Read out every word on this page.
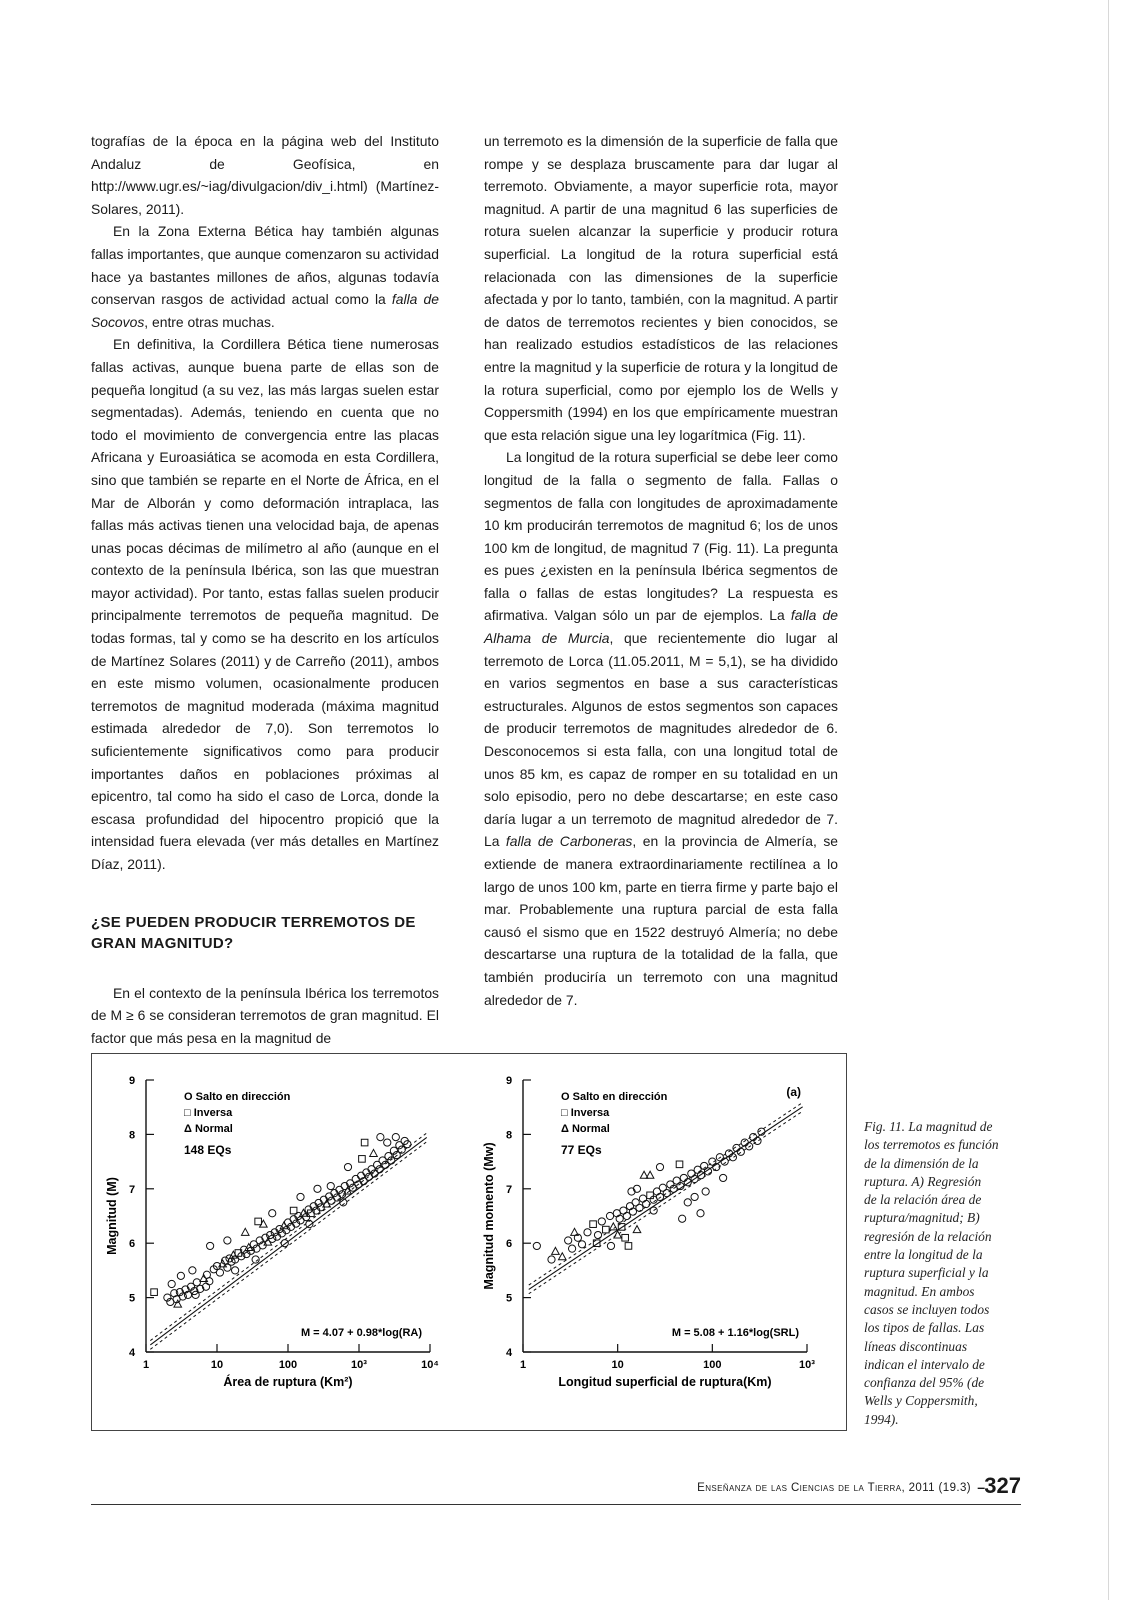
tografías de la época en la página web del Instituto Andaluz de Geofísica, en http://www.ugr.es/~iag/divulgacion/div_i.html) (Martínez-Solares, 2011).

En la Zona Externa Bética hay también algunas fallas importantes, que aunque comenzaron su actividad hace ya bastantes millones de años, algunas todavía conservan rasgos de actividad actual como la falla de Socovos, entre otras muchas.

En definitiva, la Cordillera Bética tiene numerosas fallas activas, aunque buena parte de ellas son de pequeña longitud (a su vez, las más largas suelen estar segmentadas). Además, teniendo en cuenta que no todo el movimiento de convergencia entre las placas Africana y Euroasiática se acomoda en esta Cordillera, sino que también se reparte en el Norte de África, en el Mar de Alborán y como deformación intraplaca, las fallas más activas tienen una velocidad baja, de apenas unas pocas décimas de milímetro al año (aunque en el contexto de la península Ibérica, son las que muestran mayor actividad). Por tanto, estas fallas suelen producir principalmente terremotos de pequeña magnitud. De todas formas, tal y como se ha descrito en los artículos de Martínez Solares (2011) y de Carreño (2011), ambos en este mismo volumen, ocasionalmente producen terremotos de magnitud moderada (máxima magnitud estimada alrededor de 7,0). Son terremotos lo suficientemente significativos como para producir importantes daños en poblaciones próximas al epicentro, tal como ha sido el caso de Lorca, donde la escasa profundidad del hipocentro propició que la intensidad fuera elevada (ver más detalles en Martínez Díaz, 2011).

¿SE PUEDEN PRODUCIR TERREMOTOS DE GRAN MAGNITUD?

En el contexto de la península Ibérica los terremotos de M ≥ 6 se consideran terremotos de gran magnitud. El factor que más pesa en la magnitud de

un terremoto es la dimensión de la superficie de falla que rompe y se desplaza bruscamente para dar lugar al terremoto. Obviamente, a mayor superficie rota, mayor magnitud. A partir de una magnitud 6 las superficies de rotura suelen alcanzar la superficie y producir rotura superficial. La longitud de la rotura superficial está relacionada con las dimensiones de la superficie afectada y por lo tanto, también, con la magnitud. A partir de datos de terremotos recientes y bien conocidos, se han realizado estudios estadísticos de las relaciones entre la magnitud y la superficie de rotura y la longitud de la rotura superficial, como por ejemplo los de Wells y Coppersmith (1994) en los que empíricamente muestran que esta relación sigue una ley logarítmica (Fig. 11).

La longitud de la rotura superficial se debe leer como longitud de la falla o segmento de falla. Fallas o segmentos de falla con longitudes de aproximadamente 10 km producirán terremotos de magnitud 6; los de unos 100 km de longitud, de magnitud 7 (Fig. 11). La pregunta es pues ¿existen en la península Ibérica segmentos de falla o fallas de estas longitudes? La respuesta es afirmativa. Valgan sólo un par de ejemplos. La falla de Alhama de Murcia, que recientemente dio lugar al terremoto de Lorca (11.05.2011, M = 5,1), se ha dividido en varios segmentos en base a sus características estructurales. Algunos de estos segmentos son capaces de producir terremotos de magnitudes alrededor de 6. Desconocemos si esta falla, con una longitud total de unos 85 km, es capaz de romper en su totalidad en un solo episodio, pero no debe descartarse; en este caso daría lugar a un terremoto de magnitud alrededor de 7. La falla de Carboneras, en la provincia de Almería, se extiende de manera extraordinariamente rectilínea a lo largo de unos 100 km, parte en tierra firme y parte bajo el mar. Probablemente una ruptura parcial de esta falla causó el sismo que en 1522 destruyó Almería; no debe descartarse una ruptura de la totalidad de la falla, que también produciría un terremoto con una magnitud alrededor de 7.

4
5
6
7
8
9
1	10	100	10³	10⁴
Área de ruptura (Km²)
Magnitud (M)
O Salto en dirección
□ Inversa
Δ Normal
148 EQs
M = 4.07 + 0.98*log(RA)
4
5
6
7
8
9
1	10	100	10³
Longitud superficial de ruptura(Km)
Magnitud momento (Mw)
O Salto en dirección
□ Inversa
Δ Normal
77 EQs
M = 5.08 + 1.16*log(SRL)
(a)
Fig. 11. La magnitud de
los terremotos es función
de la dimensión de la
ruptura. A) Regresión
de la relación área de
ruptura/magnitud; B)
regresión de la relación
entre la longitud de la
ruptura superficial y la
magnitud. En ambos
casos se incluyen todos
los tipos de fallas. Las
líneas discontinuas
indican el intervalo de
confianza del 95% (de
Wells y Coppersmith,
1994).
Enseñanza de las Ciencias de la Tierra, 2011 (19.3) – 327
